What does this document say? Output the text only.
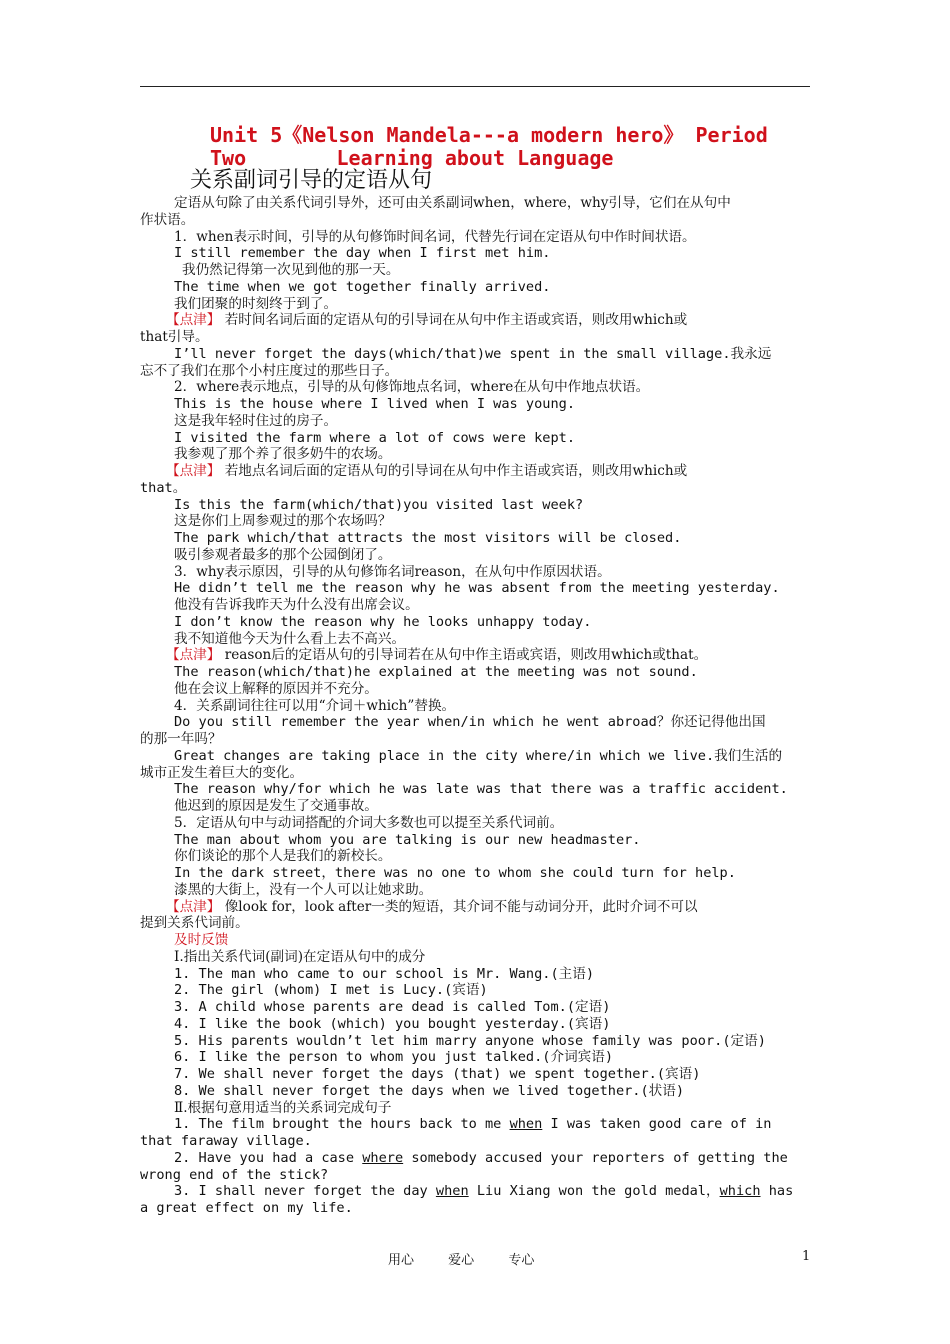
Unit 5《Nelson Mandela---a modern hero》 Period Two	Learning about Language
关系副词引导的定语从句

定语从句除了由关系代词引导外，还可由关系副词when，where，why引导，它们在从句中

作状语。

1．when表示时间，引导的从句修饰时间名词，代替先行词在定语从句中作时间状语。

I still remember the day when I first met him.

我仍然记得第一次见到他的那一天。

The time when we got together finally arrived.

我们团聚的时刻终于到了。

【点津】 若时间名词后面的定语从句的引导词在从句中作主语或宾语，则改用which或

that引导。

I’ll never forget the days(which/that)we spent in the small village.我永远

忘不了我们在那个小村庄度过的那些日子。

2．where表示地点，引导的从句修饰地点名词，where在从句中作地点状语。

This is the house where I lived when I was young.

这是我年轻时住过的房子。

I visited the farm where a lot of cows were kept.

我参观了那个养了很多奶牛的农场。

【点津】 若地点名词后面的定语从句的引导词在从句中作主语或宾语，则改用which或

that。

Is this the farm(which/that)you visited last week?

这是你们上周参观过的那个农场吗？

The park which/that attracts the most visitors will be closed.

吸引参观者最多的那个公园倒闭了。

3．why表示原因，引导的从句修饰名词reason，在从句中作原因状语。

He didn’t tell me the reason why he was absent from the meeting yesterday.

他没有告诉我昨天为什么没有出席会议。

I don’t know the reason why he looks unhappy today.

我不知道他今天为什么看上去不高兴。

【点津】 reason后的定语从句的引导词若在从句中作主语或宾语，则改用which或that。

The reason(which/that)he explained at the meeting was not sound.

他在会议上解释的原因并不充分。

4．关系副词往往可以用“介词＋which”替换。

Do you still remember the year when/in which he went abroad？你还记得他出国

的那一年吗？

Great changes are taking place in the city where/in which we live.我们生活的

城市正发生着巨大的变化。

The reason why/for which he was late was that there was a traffic accident.

他迟到的原因是发生了交通事故。

5．定语从句中与动词搭配的介词大多数也可以提至关系代词前。

The man about whom you are talking is our new headmaster.

你们谈论的那个人是我们的新校长。

In the dark street，there was no one to whom she could turn for help.

漆黑的大街上，没有一个人可以让她求助。

【点津】 像look for，look after一类的短语，其介词不能与动词分开，此时介词不可以

提到关系代词前。

及时反馈

Ⅰ.指出关系代词(副词)在定语从句中的成分

1. The man who came to our school is Mr. Wang.(主语)

2. The girl (whom) I met is Lucy.(宾语)

3. A child whose parents are dead is called Tom.(定语)

4. I like the book (which) you bought yesterday.(宾语)

5. His parents wouldn’t let him marry anyone whose family was poor.(定语)

6. I like the person to whom you just talked.(介词宾语)

7. We shall never forget the days (that) we spent together.(宾语)

8. We shall never forget the days when we lived together.(状语)

Ⅱ.根据句意用适当的关系词完成句子

1. The film brought the hours back to me when I was taken good care of in

that faraway village.

2. Have you had a case where somebody accused your reporters of getting the

wrong end of the stick?

3. I shall never forget the day when Liu Xiang won the gold medal，which has

a great effect on my life.

用心	爱心	专心	1
